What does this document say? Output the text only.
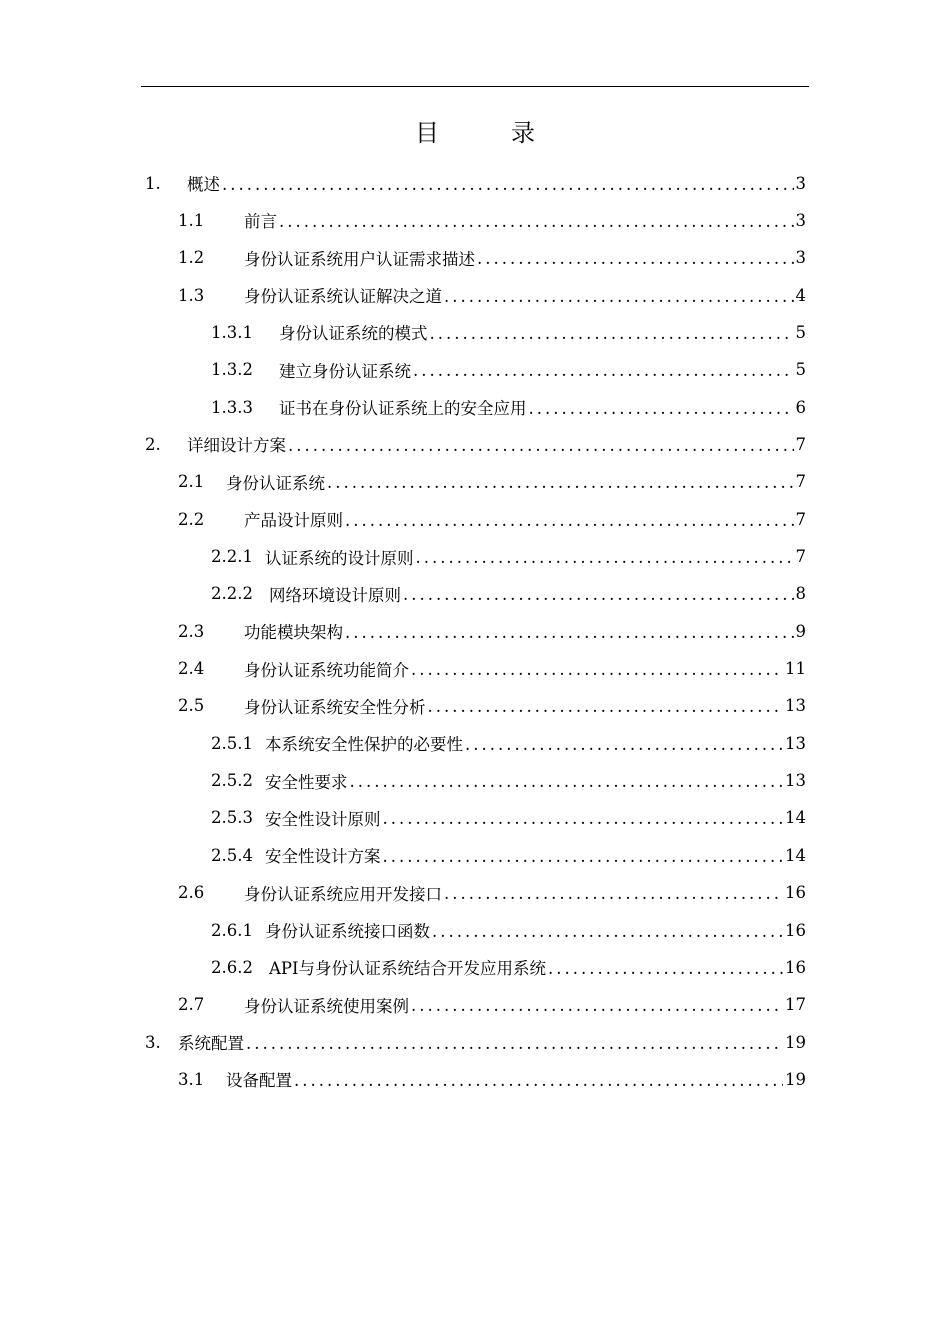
目录
1.	概述 .....	3
1.1	前言 .....	3
1.2	身份认证系统用户认证需求描述 .....	3
1.3	身份认证系统认证解决之道 .....	4
1.3.1	身份认证系统的模式 .....	5
1.3.2	建立身份认证系统 .....	5
1.3.3	证书在身份认证系统上的安全应用 .....	6
2.	详细设计方案 .....	7
2.1	身份认证系统 .....	7
2.2	产品设计原则 .....	7
2.2.1 认证系统的设计原则 .....	7
2.2.2 网络环境设计原则 .....	8
2.3	功能模块架构 .....	9
2.4	身份认证系统功能简介 .....	11
2.5	身份认证系统安全性分析 .....	13
2.5.1 本系统安全性保护的必要性 .....	13
2.5.2 安全性要求 .....	13
2.5.3 安全性设计原则 .....	14
2.5.4 安全性设计方案 .....	14
2.6	身份认证系统应用开发接口 .....	16
2.6.1 身份认证系统接口函数 .....	16
2.6.2 API与身份认证系统结合开发应用系统 .....	16
2.7	身份认证系统使用案例 .....	17
3.	系统配置 .....	19
3.1	设备配置 .....	19
